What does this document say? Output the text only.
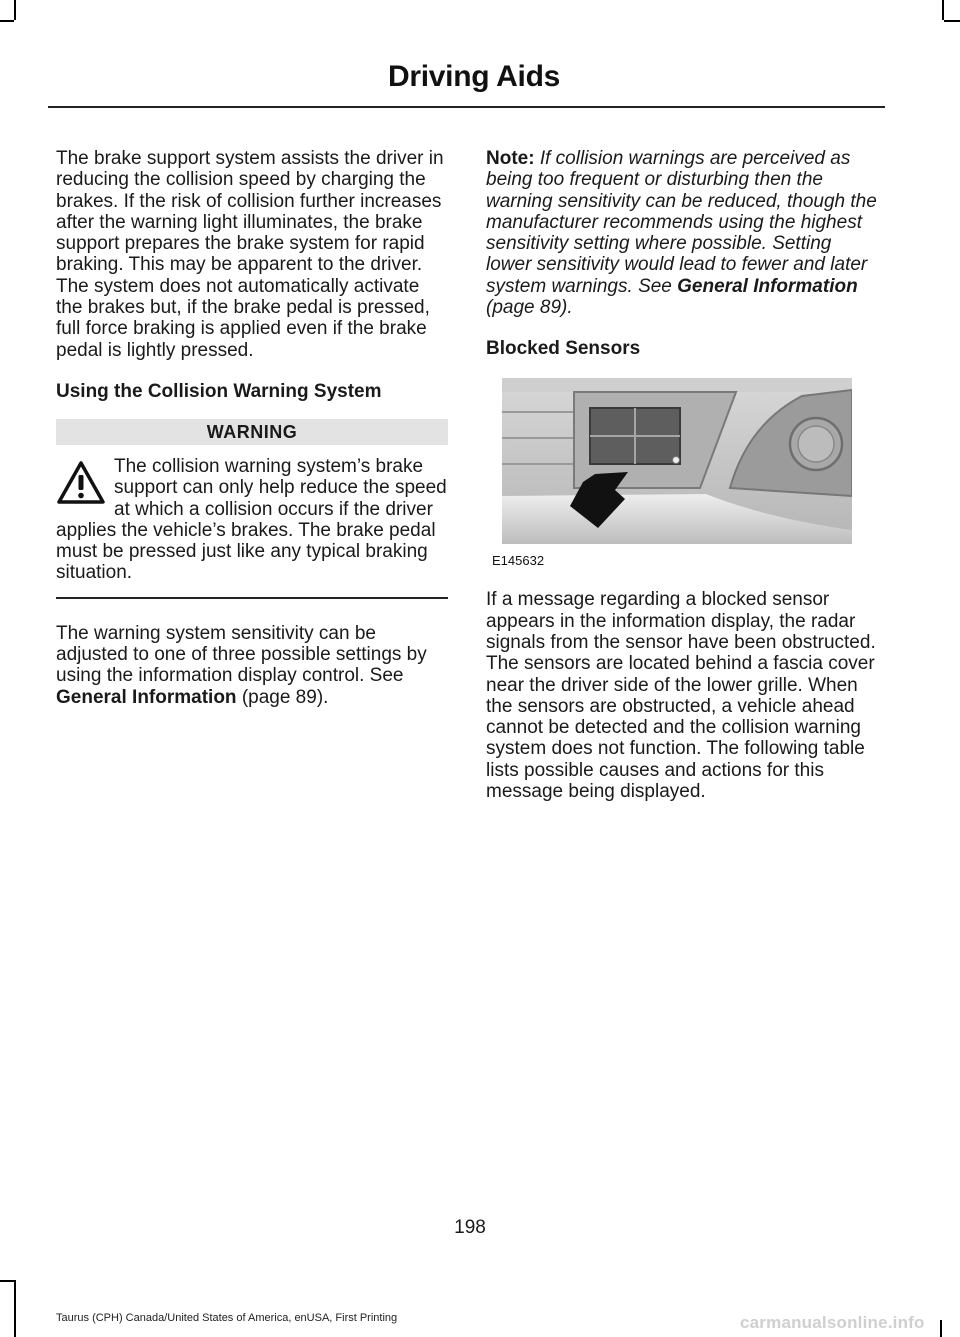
Driving Aids

The brake support system assists the driver in reducing the collision speed by charging the brakes. If the risk of collision further increases after the warning light illuminates, the brake support prepares the brake system for rapid braking. This may be apparent to the driver. The system does not automatically activate the brakes but, if the brake pedal is pressed, full force braking is applied even if the brake pedal is lightly pressed.

Using the Collision Warning System

WARNING

The collision warning system’s brake support can only help reduce the speed at which a collision occurs if the driver applies the vehicle’s brakes. The brake pedal must be pressed just like any typical braking situation.

The warning system sensitivity can be adjusted to one of three possible settings by using the information display control. See General Information (page 89).

Note: If collision warnings are perceived as being too frequent or disturbing then the warning sensitivity can be reduced, though the manufacturer recommends using the highest sensitivity setting where possible. Setting lower sensitivity would lead to fewer and later system warnings. See General Information (page 89).

Blocked Sensors

E145632

If a message regarding a blocked sensor appears in the information display, the radar signals from the sensor have been obstructed. The sensors are located behind a fascia cover near the driver side of the lower grille. When the sensors are obstructed, a vehicle ahead cannot be detected and the collision warning system does not function. The following table lists possible causes and actions for this message being displayed.

198
Taurus (CPH) Canada/United States of America, enUSA, First Printing	carmanualsonline.info
